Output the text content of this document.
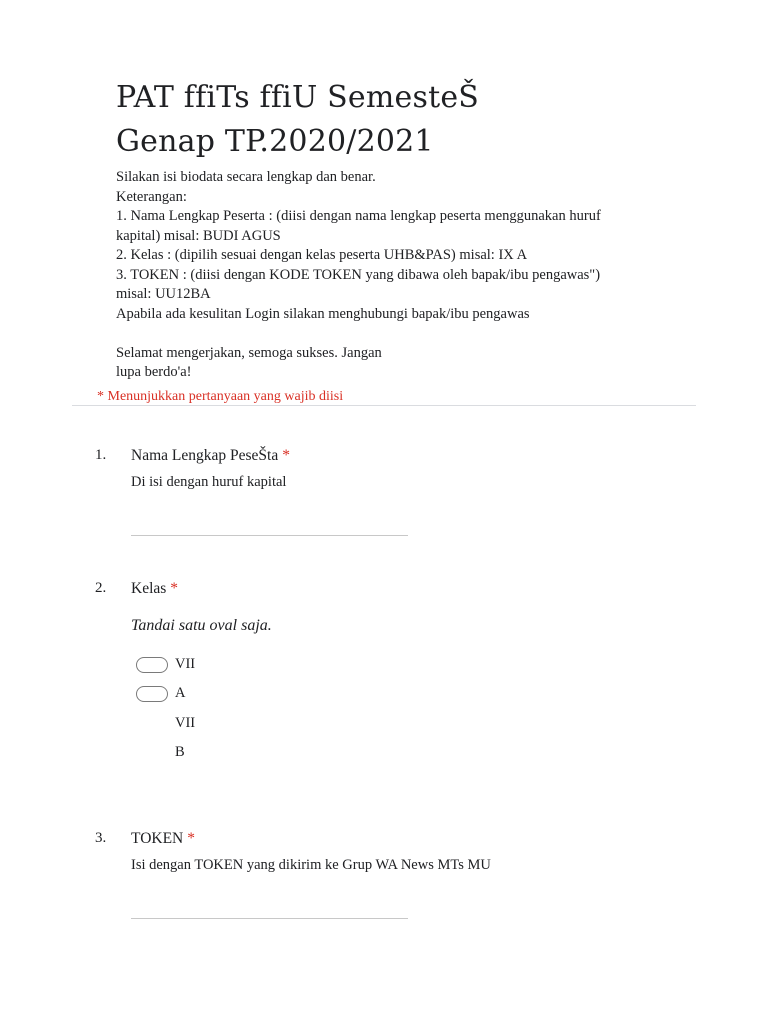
PAT ffiTs ffiU SemesteŠ
Genap TP.2020/2021
Silakan isi biodata secara lengkap dan benar.
Keterangan:
1. Nama Lengkap Peserta : (diisi dengan nama lengkap peserta menggunakan huruf
kapital) misal: BUDI AGUS
2. Kelas : (dipilih sesuai dengan kelas peserta UHB&PAS) misal: IX A
3. TOKEN : (diisi dengan KODE TOKEN yang dibawa oleh bapak/ibu pengawas")
misal: UU12BA
Apabila ada kesulitan Login silakan menghubungi bapak/ibu pengawas
Selamat mengerjakan, semoga sukses. Jangan
lupa berdo'a!
* Menunjukkan pertanyaan yang wajib diisi
1. Nama Lengkap PeseŠta *
Di isi dengan huruf kapital
2. Kelas *
Tandai satu oval saja.
VII
A
VII
B
3. TOKEN *
Isi dengan TOKEN yang dikirim ke Grup WA News MTs MU
